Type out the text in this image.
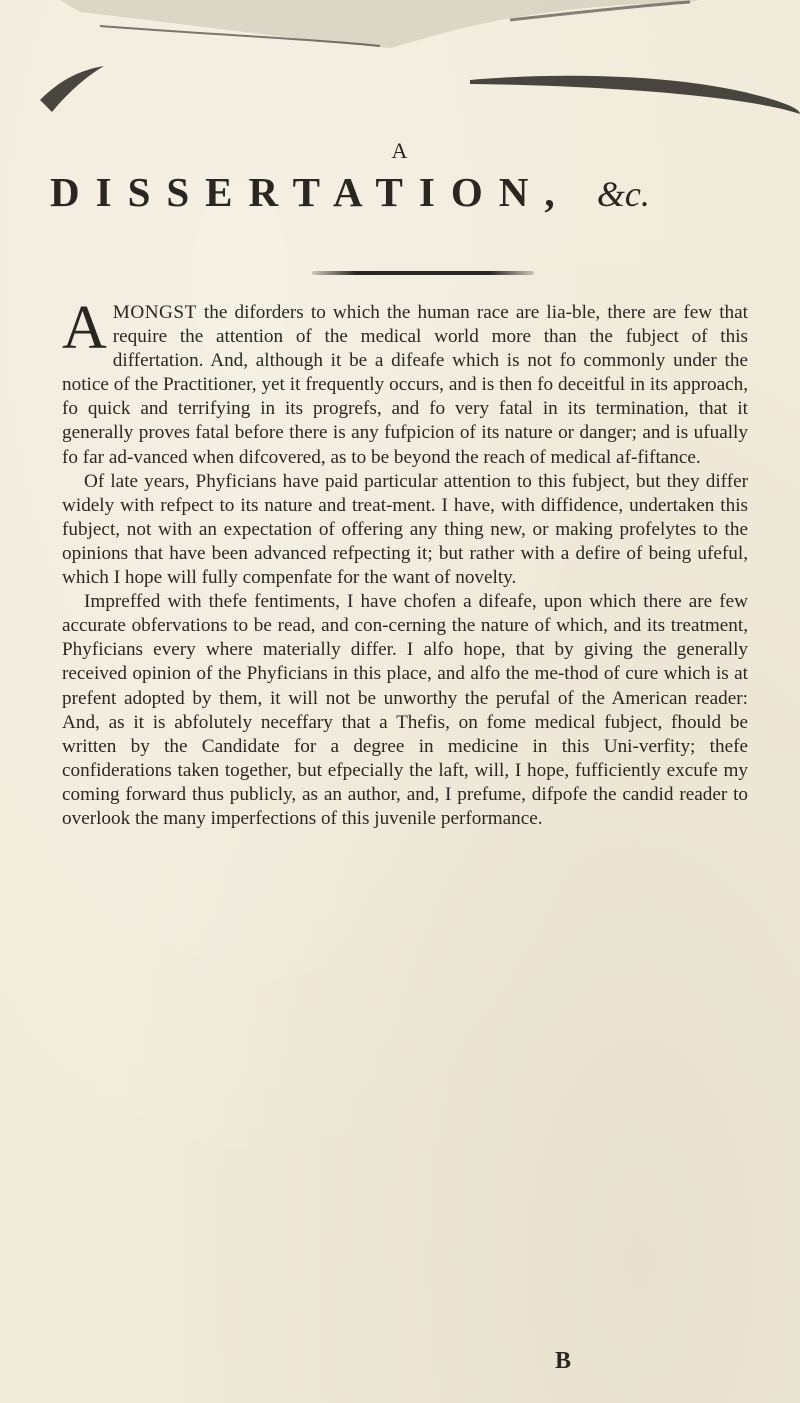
A
DISSERTATION, &c.

AMONGST the diforders to which the human race are lia-ble, there are few that require the attention of the medical world more than the fubject of this differtation. And, although it be a difeafe which is not fo commonly under the notice of the Practitioner, yet it frequently occurs, and is then fo deceitful in its approach, fo quick and terrifying in its progrefs, and fo very fatal in its termination, that it generally proves fatal before there is any fufpicion of its nature or danger; and is ufually fo far ad-vanced when difcovered, as to be beyond the reach of medical af-fiftance.

Of late years, Phyficians have paid particular attention to this fubject, but they differ widely with refpect to its nature and treat-ment. I have, with diffidence, undertaken this fubject, not with an expectation of offering any thing new, or making profelytes to the opinions that have been advanced refpecting it; but rather with a defire of being ufeful, which I hope will fully compenfate for the want of novelty.

Impreffed with thefe fentiments, I have chofen a difeafe, upon which there are few accurate obfervations to be read, and con-cerning the nature of which, and its treatment, Phyficians every where materially differ. I alfo hope, that by giving the generally received opinion of the Phyficians in this place, and alfo the me-thod of cure which is at prefent adopted by them, it will not be unworthy the perufal of the American reader: And, as it is abfolutely neceffary that a Thefis, on fome medical fubject, fhould be written by the Candidate for a degree in medicine in this Uni-verfity; thefe confiderations taken together, but efpecially the laft, will, I hope, fufficiently excufe my coming forward thus publicly, as an author, and, I prefume, difpofe the candid reader to overlook the many imperfections of this juvenile performance.

B
